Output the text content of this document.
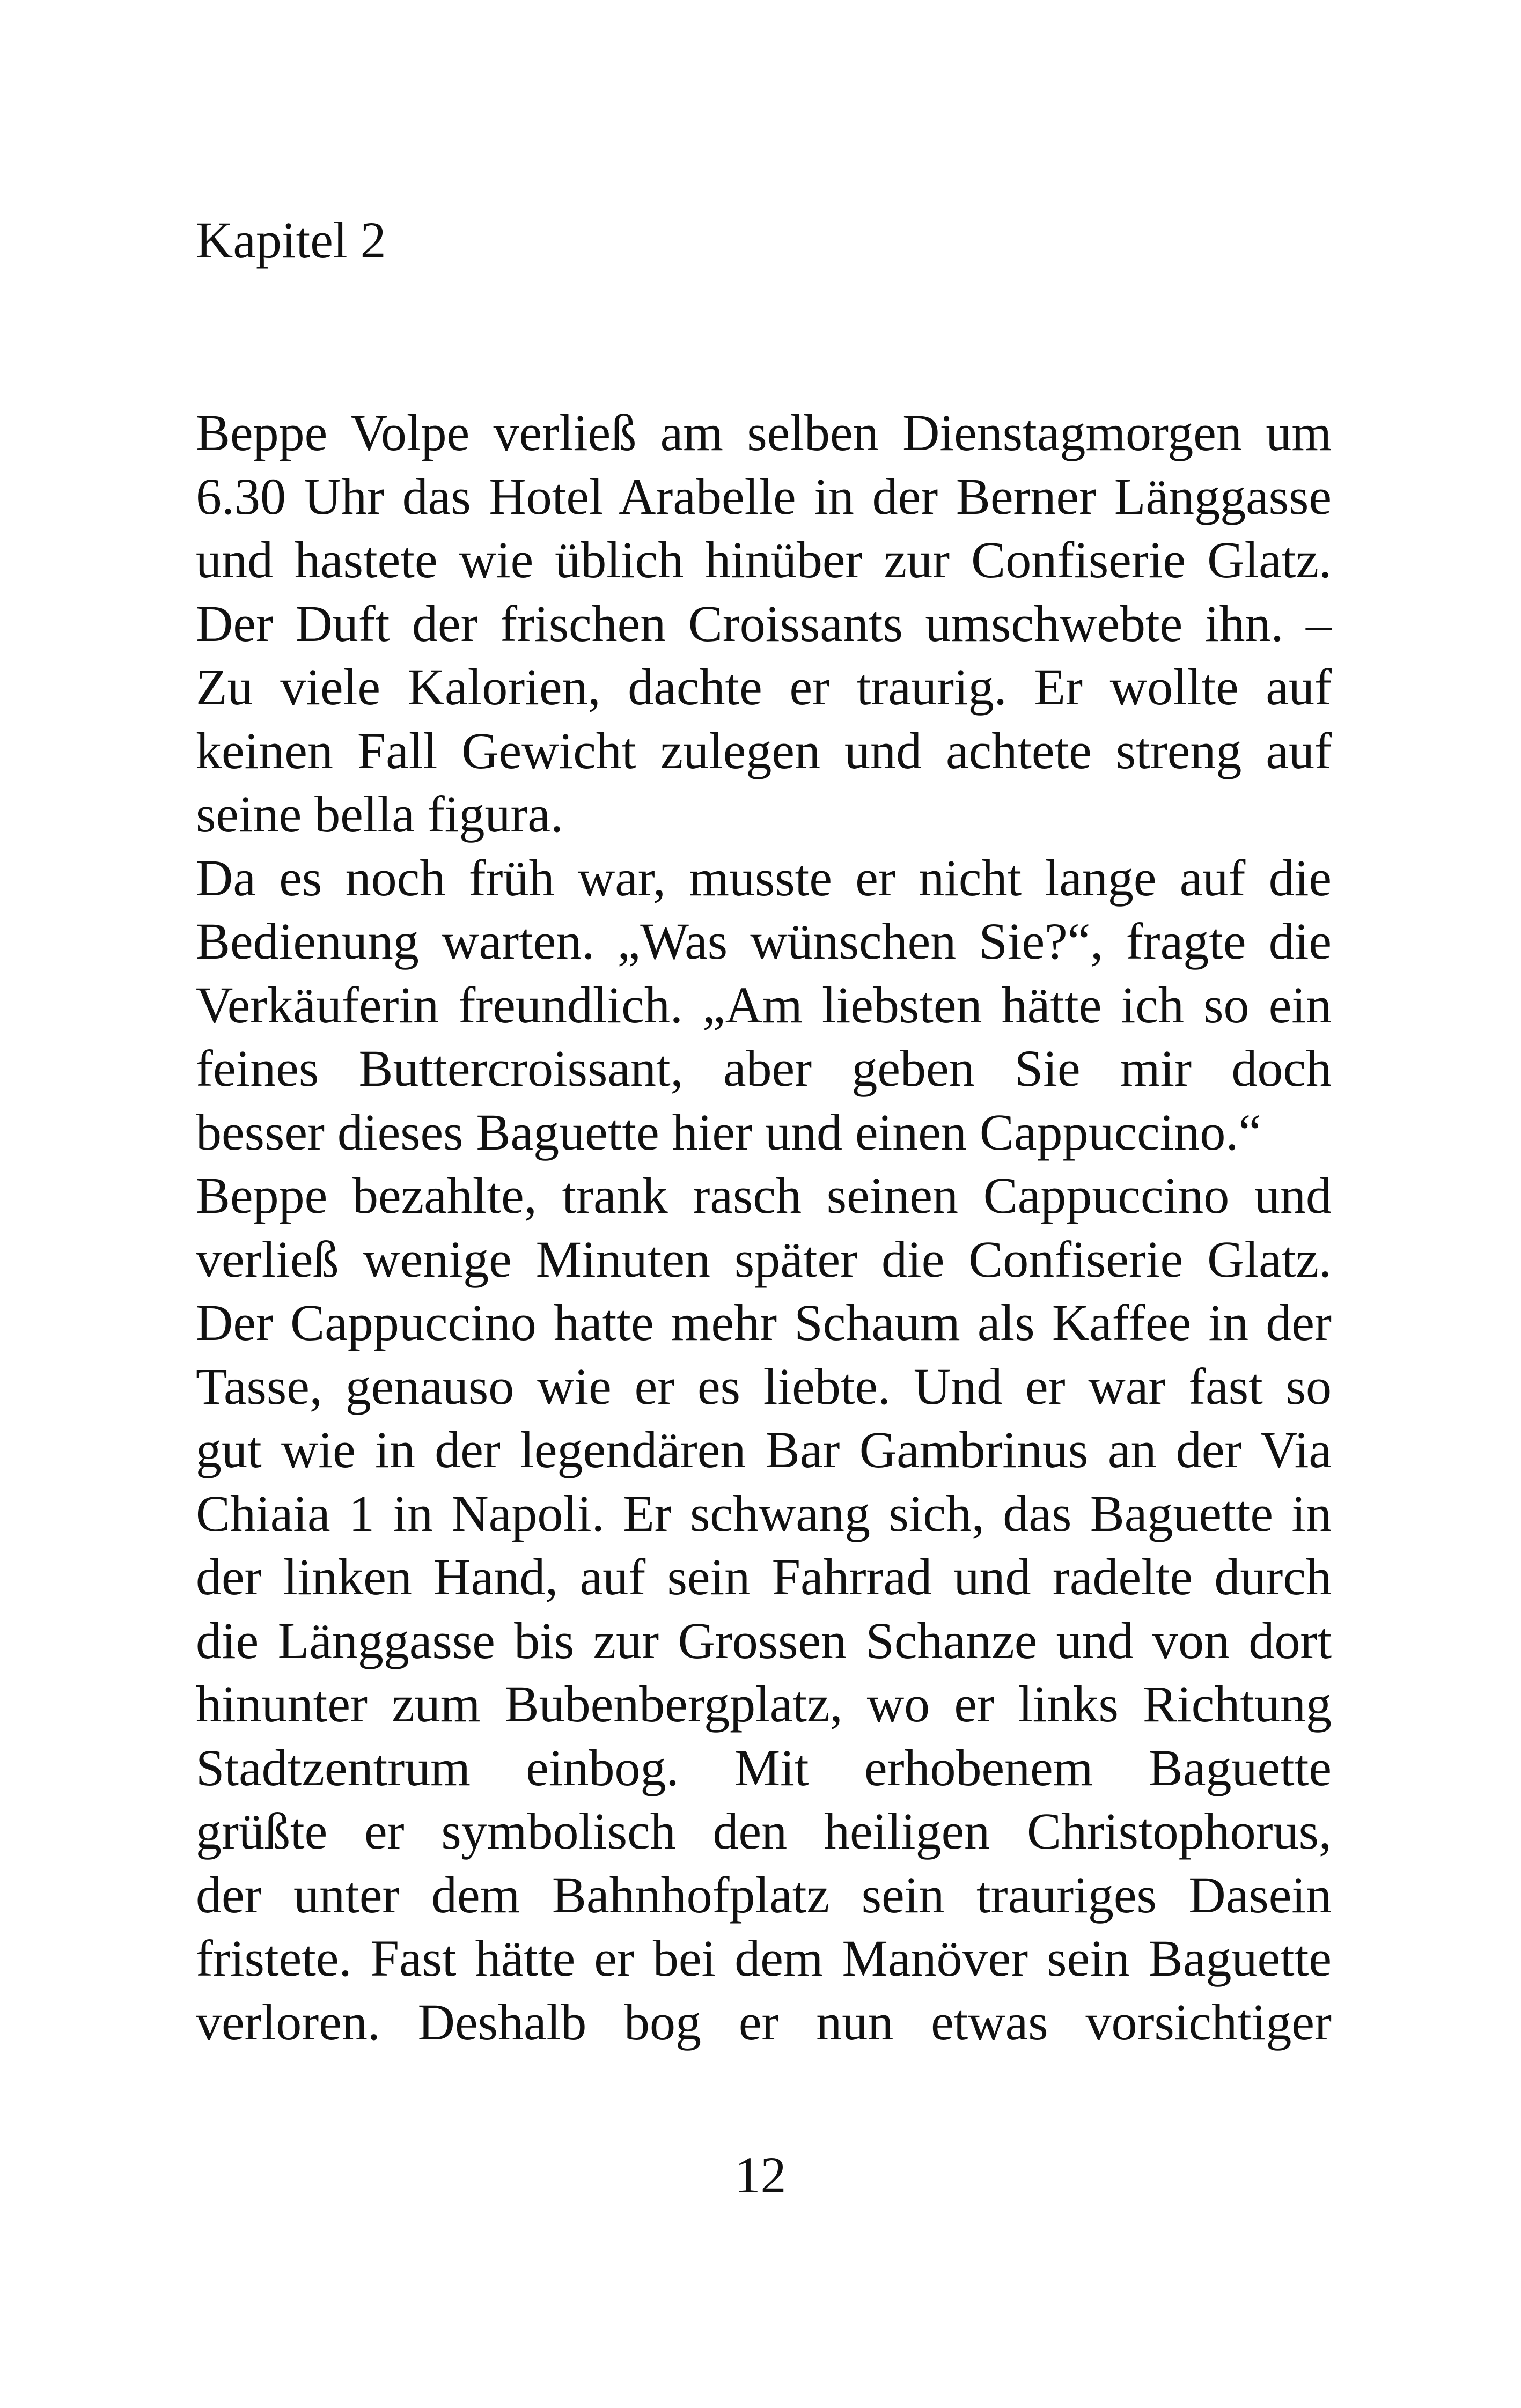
Kapitel 2
Beppe Volpe verließ am selben Dienstagmorgen um
6.30 Uhr das Hotel Arabelle in der Berner Länggasse
und hastete wie üblich hinüber zur Confiserie Glatz.
Der Duft der frischen Croissants umschwebte ihn. –
Zu viele Kalorien, dachte er traurig. Er wollte auf
keinen Fall Gewicht zulegen und achtete streng auf
seine bella figura.
Da es noch früh war, musste er nicht lange auf die
Bedienung warten. „Was wünschen Sie?“, fragte die
Verkäuferin freundlich. „Am liebsten hätte ich so ein
feines Buttercroissant, aber geben Sie mir doch
besser dieses Baguette hier und einen Cappuccino.“
Beppe bezahlte, trank rasch seinen Cappuccino und
verließ wenige Minuten später die Confiserie Glatz.
Der Cappuccino hatte mehr Schaum als Kaffee in der
Tasse, genauso wie er es liebte. Und er war fast so
gut wie in der legendären Bar Gambrinus an der Via
Chiaia 1 in Napoli. Er schwang sich, das Baguette in
der linken Hand, auf sein Fahrrad und radelte durch
die Länggasse bis zur Grossen Schanze und von dort
hinunter zum Bubenbergplatz, wo er links Richtung
Stadtzentrum einbog. Mit erhobenem Baguette
grüßte er symbolisch den heiligen Christophorus,
der unter dem Bahnhofplatz sein trauriges Dasein
fristete. Fast hätte er bei dem Manöver sein Baguette
verloren. Deshalb bog er nun etwas vorsichtiger

12
